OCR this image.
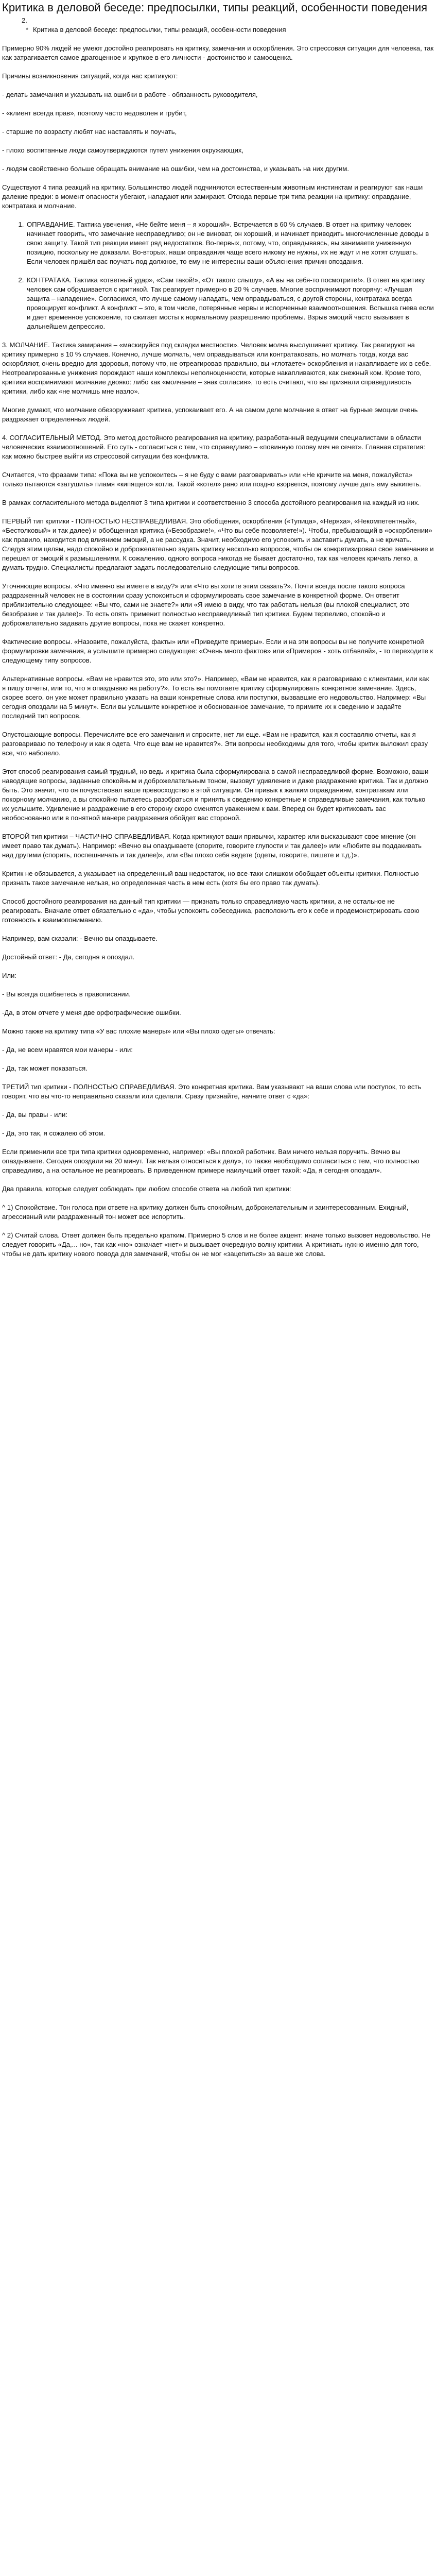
Критика в деловой беседе: предпосылки, типы реакций, особенности поведения
2.
* Критика в деловой беседе: предпосылки, типы реакций, особенности поведения

Примерно 90% людей не умеют достойно реагировать на критику, замечания и оскорбления. Это стрессовая ситуация для человека, так как затрагивается самое драгоценное и хрупкое в его личности - достоинство и самооценка.

Причины возникновения ситуаций, когда нас критикуют:

- делать замечания и указывать на ошибки в работе - обязанность руководителя,

- «клиент всегда прав», поэтому часто недоволен и грубит,

- старшие по возрасту любят нас наставлять и поучать,

- плохо воспитанные люди самоутверждаются путем унижения окружающих,

- людям свойственно больше обращать внимание на ошибки, чем на достоинства, и указывать на них другим.

Существуют 4 типа реакций на критику. Большинство людей подчиняются естественным животным инстинктам и реагируют как наши далекие предки: в момент опасности убегают, нападают или замирают. Отсюда первые три типа реакции на критику: оправдание, контратака и молчание.

1. ОПРАВДАНИЕ. Тактика увечения, «Не бейте меня – я хороший». Встречается в 60 % случаев. В ответ на критику человек начинает говорить, что замечание несправедливо; он не виноват, он хороший, и начинает приводить многочисленные доводы в свою защиту. Такой тип реакции имеет ряд недостатков. Во-первых, потому, что, оправдываясь, вы занимаете униженную позицию, поскольку не доказали. Во-вторых, наши оправдания чаще всего никому не нужны, их не ждут и не хотят слушать. Если человек пришёл вас поучать под должное, то ему не интересны ваши объяснения причин опоздания.
2. КОНТРАТАКА. Тактика «ответный удар», «Сам такой!», «От такого слышу», «А вы на себя-то посмотрите!». В ответ на критику человек сам обрушивается с критикой. Так реагирует примерно в 20 % случаев. Многие воспринимают погорячу: «Лучшая защита – нападение». Согласимся, что лучше самому нападать, чем оправдываться, с другой стороны, контратака всегда провоцирует конфликт. А конфликт – это, в том числе, потерянные нервы и испорченные взаимоотношения. Вспышка гнева если и дает временное успокоение, то сжигает мосты к нормальному разрешению проблемы. Взрыв эмоций часто вызывает в дальнейшем депрессию.

3. МОЛЧАНИЕ. Тактика замирания – «маскируйся под складки местности». Человек молча выслушивает критику. Так реагируют на критику примерно в 10 % случаев. Конечно, лучше молчать, чем оправдываться или контратаковать, но молчать тогда, когда вас оскорбляют, очень вредно для здоровья, потому что, не отреагировав правильно, вы «глотаете» оскорбления и накапливаете их в себе. Неотреагированные унижения порождают наши комплексы неполноценности, которые накапливаются, как снежный ком. Кроме того, критики воспринимают молчание двояко: либо как «молчание – знак согласия», то есть считают, что вы признали справедливость критики, либо как «не молчишь мне назло».

Многие думают, что молчание обезоруживает критика, успокаивает его. А на самом деле молчание в ответ на бурные эмоции очень раздражает определенных людей.

4. СОГЛАСИТЕЛЬНЫЙ МЕТОД. Это метод достойного реагирования на критику, разработанный ведущими специалистами в области человеческих взаимоотношений. Его суть - согласиться с тем, что справедливо – «повинную голову меч не сечет». Главная стратегия: как можно быстрее выйти из стрессовой ситуации без конфликта.

Считается, что фразами типа: «Пока вы не успокоитесь – я не буду с вами разговаривать» или «Не кричите на меня, пожалуйста» только пытаются «затушить» пламя «кипящего» котла. Такой «котел» рано или поздно взорвется, поэтому лучше дать ему выкипеть.

В рамках согласительного метода выделяют 3 типа критики и соответственно 3 способа достойного реагирования на каждый из них.

ПЕРВЫЙ тип критики - ПОЛНОСТЬЮ НЕСПРАВЕДЛИВАЯ. Это обобщения, оскорбления («Тупица», «Неряха», «Некомпетентный», «Бестолковый» и так далее) и обобщенная критика («Безобразие!», «Что вы себе позволяете!»). Чтобы, пребывающий в «оскорблении» как правило, находится под влиянием эмоций, а не рассудка. Значит, необходимо его успокоить и заставить думать, а не кричать. Следуя этим целям, надо спокойно и доброжелательно задать критику несколько вопросов, чтобы он конкретизировал свое замечание и перешел от эмоций к размышлениям. К сожалению, одного вопроса никогда не бывает достаточно, так как человек кричать легко, а думать трудно. Специалисты предлагают задать последовательно следующие типы вопросов.

Уточняющие вопросы. «Что именно вы имеете в виду?» или «Что вы хотите этим сказать?». Почти всегда после такого вопроса раздраженный человек не в состоянии сразу успокоиться и сформулировать свое замечание в конкретной форме. Он ответит приблизительно следующее: «Вы что, сами не знаете?» или «Я имею в виду, что так работать нельзя (вы плохой специалист, это безобразие и так далее)». То есть опять применит полностью несправедливый тип критики. Будем терпеливо, спокойно и доброжелательно задавать другие вопросы, пока не скажет конкретно.

Фактические вопросы. «Назовите, пожалуйста, факты» или «Приведите примеры». Если и на эти вопросы вы не получите конкретной формулировки замечания, а услышите примерно следующее: «Очень много фактов» или «Примеров - хоть отбавляй», - то переходите к следующему типу вопросов.

Альтернативные вопросы. «Вам не нравится это, это или это?». Например, «Вам не нравится, как я разговариваю с клиентами, или как я пишу отчеты, или то, что я опаздываю на работу?». То есть вы помогаете критику сформулировать конкретное замечание. Здесь, скорее всего, он уже может правильно указать на ваши конкретные слова или поступки, вызвавшие его недовольство. Например: «Вы сегодня опоздали на 5 минут». Если вы услышите конкретное и обоснованное замечание, то примите их к сведению и задайте последний тип вопросов.

Опустошающие вопросы. Перечислите все его замечания и спросите, нет ли еще. «Вам не нравится, как я составляю отчеты, как я разговариваю по телефону и как я одета. Что еще вам не нравится?». Эти вопросы необходимы для того, чтобы критик выложил сразу все, что наболело.

Этот способ реагирования самый трудный, но ведь и критика была сформулирована в самой несправедливой форме. Возможно, ваши наводящие вопросы, заданные спокойным и доброжелательным тоном, вызовут удивление и даже раздражение критика. Так и должно быть. Это значит, что он почувствовал ваше превосходство в этой ситуации. Он привык к жалким оправданиям, контратакам или покорному молчанию, а вы спокойно пытаетесь разобраться и принять к сведению конкретные и справедливые замечания, как только их услышите. Удивление и раздражение в его сторону скоро сменятся уважением к вам. Вперед он будет критиковать вас необоснованно или в понятной манере раздражения обойдет вас стороной.

ВТОРОЙ тип критики – ЧАСТИЧНО СПРАВЕДЛИВАЯ. Когда критикуют ваши привычки, характер или высказывают свое мнение (он имеет право так думать). Например: «Вечно вы опаздываете (спорите, говорите глупости и так далее)» или «Любите вы поддакивать над другими (спорить, поспешничать и так далее)», или «Вы плохо себя ведете (одеты, говорите, пишете и т.д.)».

Критик не обязывается, а указывает на определенный ваш недостаток, но все-таки слишком обобщает объекты критики. Полностью признать такое замечание нельзя, но определенная часть в нем есть (хотя бы его право так думать).

Способ достойного реагирования на данный тип критики — признать только справедливую часть критики, а не остальное не реагировать. Вначале ответ обязательно с «да», чтобы успокоить собеседника, расположить его к себе и продемонстрировать свою готовность к взаимопониманию.

Например, вам сказали: - Вечно вы опаздываете.

Достойный ответ: - Да, сегодня я опоздал.

Или:

- Вы всегда ошибаетесь в правописании.

-Да, в этом отчете у меня две орфографические ошибки.

Можно также на критику типа «У вас плохие манеры» или «Вы плохо одеты» отвечать:

- Да, не всем нравятся мои манеры - или:

- Да, так может показаться.

ТРЕТИЙ тип критики - ПОЛНОСТЬЮ СПРАВЕДЛИВАЯ. Это конкретная критика. Вам указывают на ваши слова или поступок, то есть говорят, что вы что-то неправильно сказали или сделали. Сразу признайте, начните ответ с «да»:

- Да, вы правы - или:

- Да, это так, я сожалею об этом.

Если применили все три типа критики одновременно, например: «Вы плохой работник. Вам ничего нельзя поручить. Вечно вы опаздываете. Сегодня опоздали на 20 минут. Так нельзя относиться к делу», то также необходимо согласиться с тем, что полностью справедливо, а на остальное не реагировать. В приведенном примере наилучший ответ такой: «Да, я сегодня опоздал».

Два правила, которые следует соблюдать при любом способе ответа на любой тип критики:

^ 1) Спокойствие. Тон голоса при ответе на критику должен быть спокойным, доброжелательным и заинтересованным. Ехидный, агрессивный или раздраженный тон может все испортить.

^ 2) Считай слова. Ответ должен быть предельно кратким. Примерно 5 слов и не более акцент: иначе только вызовет недовольство. Не следует говорить «Да,... но», так как «но» означает «нет» и вызывает очередную волну критики. А критикать нужно именно для того, чтобы не дать критику нового повода для замечаний, чтобы он не мог «зацепиться» за ваше же слова.
